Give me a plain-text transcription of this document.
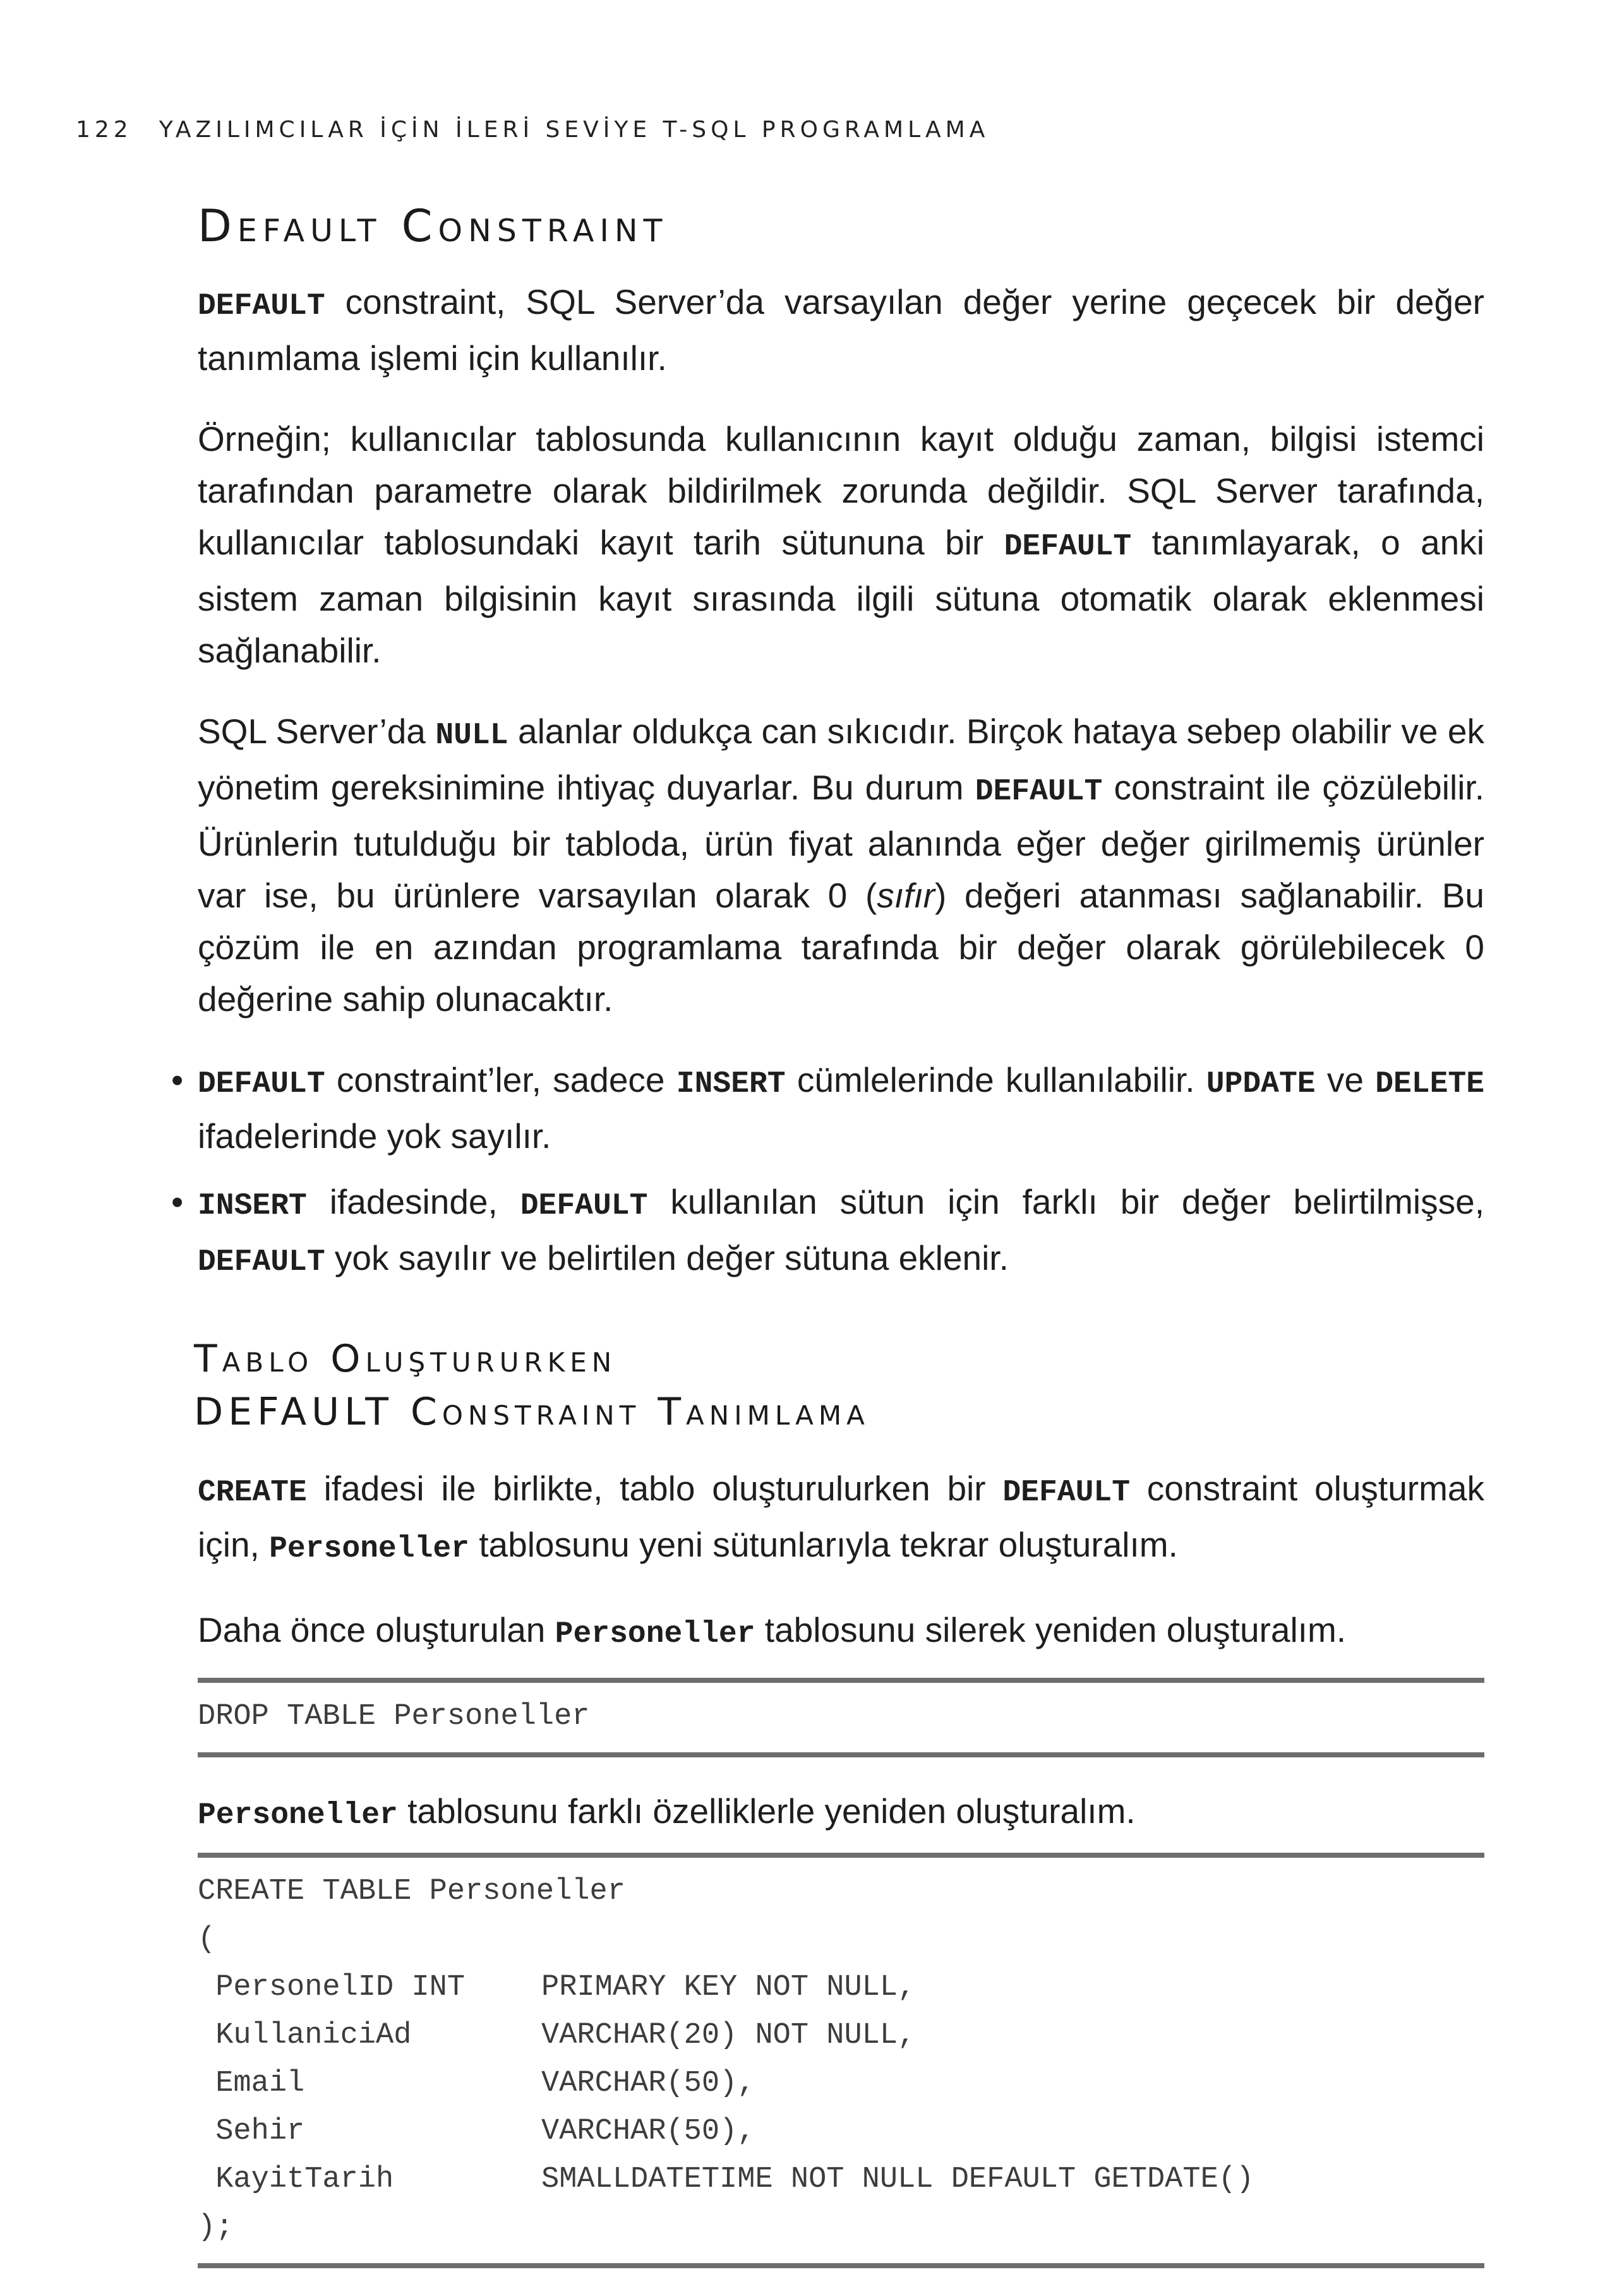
122 YAZILIMCILAR İÇİN İLERİ SEVİYE T-SQL PROGRAMLAMA
Default Constraint

DEFAULT constraint, SQL Server’da varsayılan değer yerine geçecek bir değer tanımlama işlemi için kullanılır.

Örneğin; kullanıcılar tablosunda kullanıcının kayıt olduğu zaman, bilgisi istemci tarafından parametre olarak bildirilmek zorunda değildir. SQL Server tarafında, kullanıcılar tablosundaki kayıt tarih sütununa bir DEFAULT tanımlayarak, o anki sistem zaman bilgisinin kayıt sırasında ilgili sütuna otomatik olarak eklenmesi sağlanabilir.

SQL Server’da NULL alanlar oldukça can sıkıcıdır. Birçok hataya sebep olabilir ve ek yönetim gereksinimine ihtiyaç duyarlar. Bu durum DEFAULT constraint ile çözülebilir. Ürünlerin tutulduğu bir tabloda, ürün fiyat alanında eğer değer girilmemiş ürünler var ise, bu ürünlere varsayılan olarak 0 (sıfır) değeri atanması sağlanabilir. Bu çözüm ile en azından programlama tarafında bir değer olarak görülebilecek 0 değerine sahip olunacaktır.

• DEFAULT constraint’ler, sadece INSERT cümlelerinde kullanılabilir. UPDATE ve DELETE ifadelerinde yok sayılır.
• INSERT ifadesinde, DEFAULT kullanılan sütun için farklı bir değer belirtilmişse, DEFAULT yok sayılır ve belirtilen değer sütuna eklenir.
Tablo Oluştururken
DEFAULT Constraint Tanımlama

CREATE ifadesi ile birlikte, tablo oluşturulurken bir DEFAULT constraint oluşturmak için, Personeller tablosunu yeni sütunlarıyla tekrar oluşturalım.

Daha önce oluşturulan Personeller tablosunu silerek yeniden oluşturalım.

DROP TABLE Personeller

Personeller tablosunu farklı özelliklerle yeniden oluşturalım.

CREATE TABLE Personeller
(
PersonelID INT	PRIMARY KEY NOT NULL,
KullaniciAd	VARCHAR(20) NOT NULL,
Email	VARCHAR(50),
Sehir	VARCHAR(50),
KayitTarih	SMALLDATETIME NOT NULL DEFAULT GETDATE()
);
